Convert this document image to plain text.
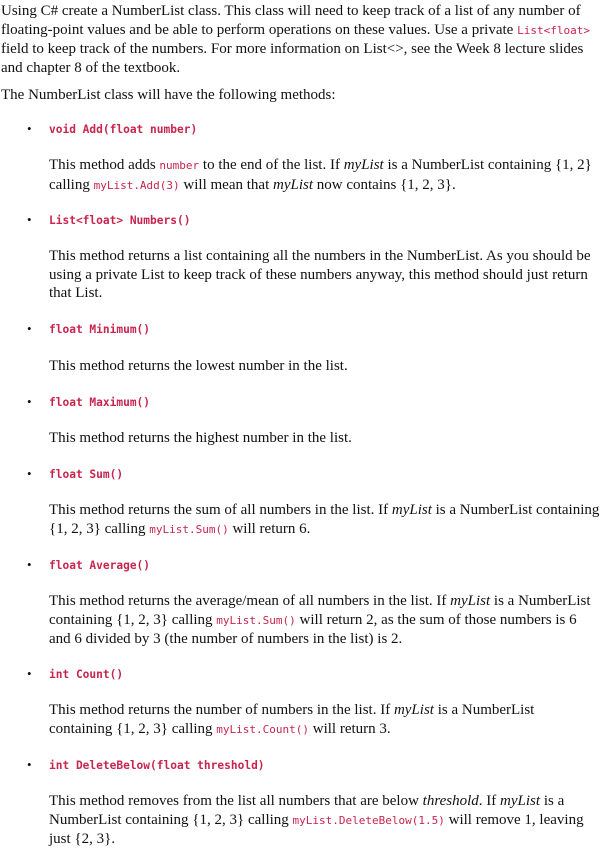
Using C# create a NumberList class. This class will need to keep track of a list of any number of floating-point values and be able to perform operations on these values. Use a private List<float> field to keep track of the numbers. For more information on List<>, see the Week 8 lecture slides and chapter 8 of the textbook.

The NumberList class will have the following methods:

• void Add(float number)

This method adds number to the end of the list. If myList is a NumberList containing {1, 2} calling myList.Add(3) will mean that myList now contains {1, 2, 3}.

• List<float> Numbers()

This method returns a list containing all the numbers in the NumberList. As you should be using a private List to keep track of these numbers anyway, this method should just return that List.

• float Minimum()

This method returns the lowest number in the list.

• float Maximum()

This method returns the highest number in the list.

• float Sum()

This method returns the sum of all numbers in the list. If myList is a NumberList containing {1, 2, 3} calling myList.Sum() will return 6.

• float Average()

This method returns the average/mean of all numbers in the list. If myList is a NumberList containing {1, 2, 3} calling myList.Sum() will return 2, as the sum of those numbers is 6 and 6 divided by 3 (the number of numbers in the list) is 2.

• int Count()

This method returns the number of numbers in the list. If myList is a NumberList containing {1, 2, 3} calling myList.Count() will return 3.

• int DeleteBelow(float threshold)

This method removes from the list all numbers that are below threshold. If myList is a NumberList containing {1, 2, 3} calling myList.DeleteBelow(1.5) will remove 1, leaving just {2, 3}.
